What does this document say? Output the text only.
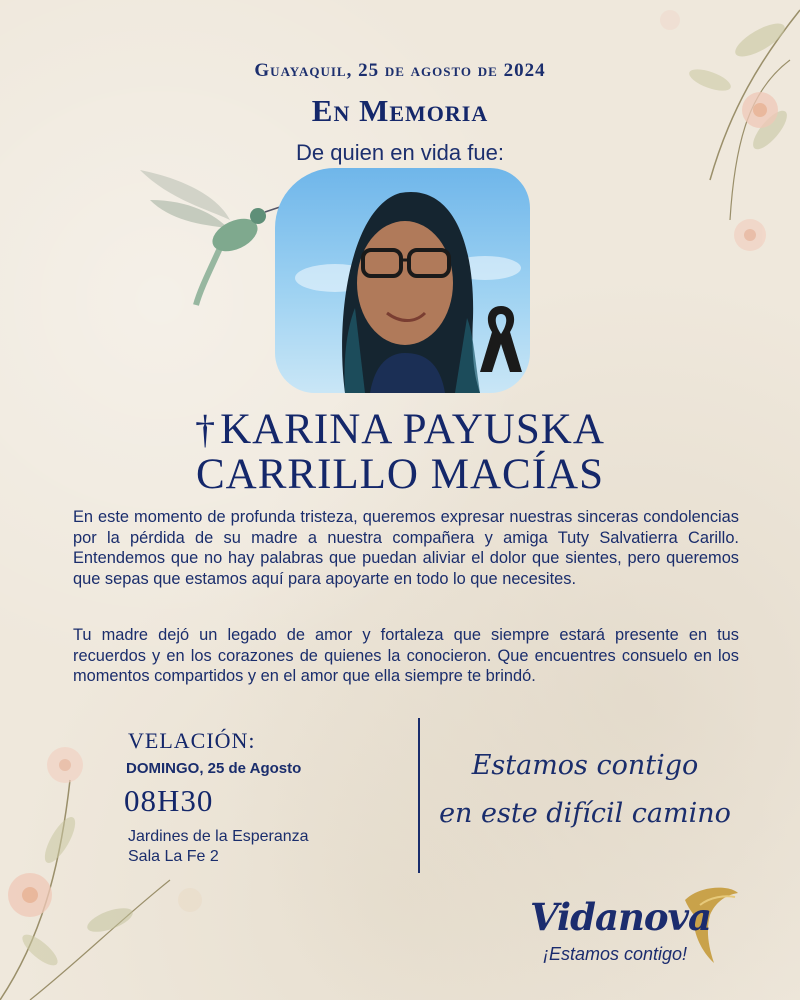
Guayaquil, 25 de agosto de 2024
En Memoria
De quien en vida fue:
†KARINA PAYUSKA
CARRILLO MACÍAS

En este momento de profunda tristeza, queremos expresar nuestras sinceras condolencias por la pérdida de su madre a nuestra compañera y amiga Tuty Salvatierra Carillo. Entendemos que no hay palabras que puedan aliviar el dolor que sientes, pero queremos que sepas que estamos aquí para apoyarte en todo lo que necesites.

Tu madre dejó un legado de amor y fortaleza que siempre estará presente en tus recuerdos y en los corazones de quienes la conocieron. Que encuentres consuelo en los momentos compartidos y en el amor que ella siempre te brindó.

VELACIÓN:
DOMINGO, 25 de Agosto
08H30
Jardines de la Esperanza
Sala La Fe 2
Estamos contigo
en este difícil camino
Vidanova
¡Estamos contigo!
